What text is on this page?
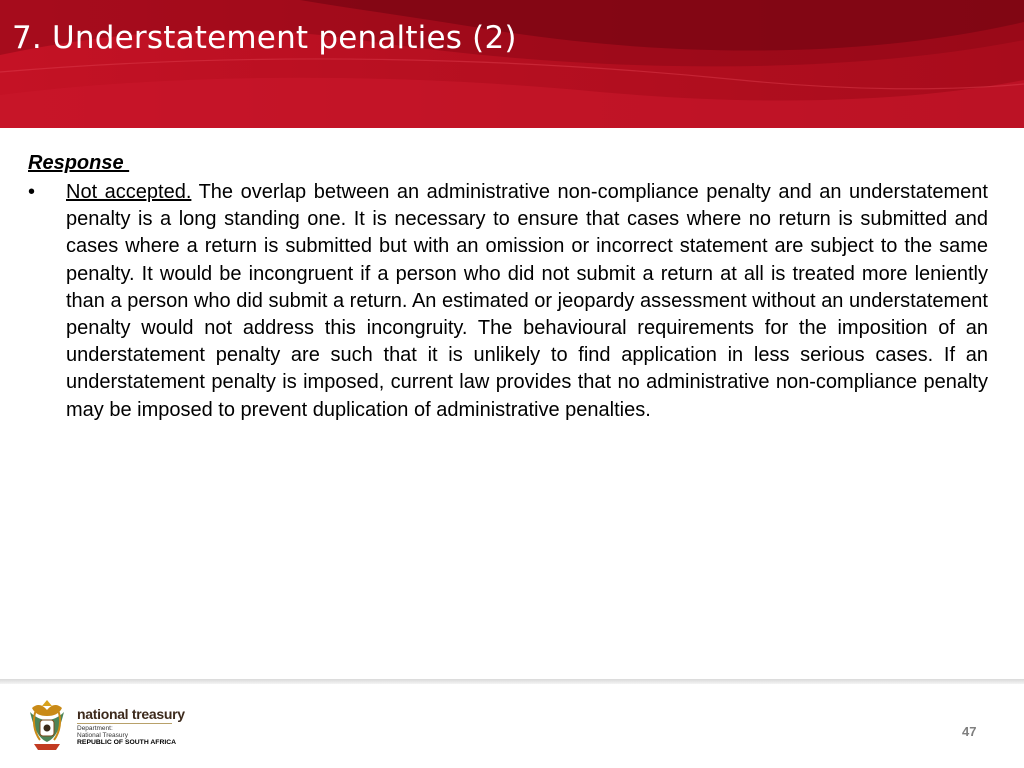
7. Understatement penalties (2)
Response
•	Not accepted. The overlap between an administrative non-compliance penalty and an understatement penalty is a long standing one. It is necessary to ensure that cases where no return is submitted and cases where a return is submitted but with an omission or incorrect statement are subject to the same penalty. It would be incongruent if a person who did not submit a return at all is treated more leniently than a person who did submit a return. An estimated or jeopardy assessment without an understatement penalty would not address this incongruity. The behavioural requirements for the imposition of an understatement penalty are such that it is unlikely to find application in less serious cases. If an understatement penalty is imposed, current law provides that no administrative non-compliance penalty may be imposed to prevent duplication of administrative penalties.
national treasury
Department:
National Treasury
REPUBLIC OF SOUTH AFRICA
47
